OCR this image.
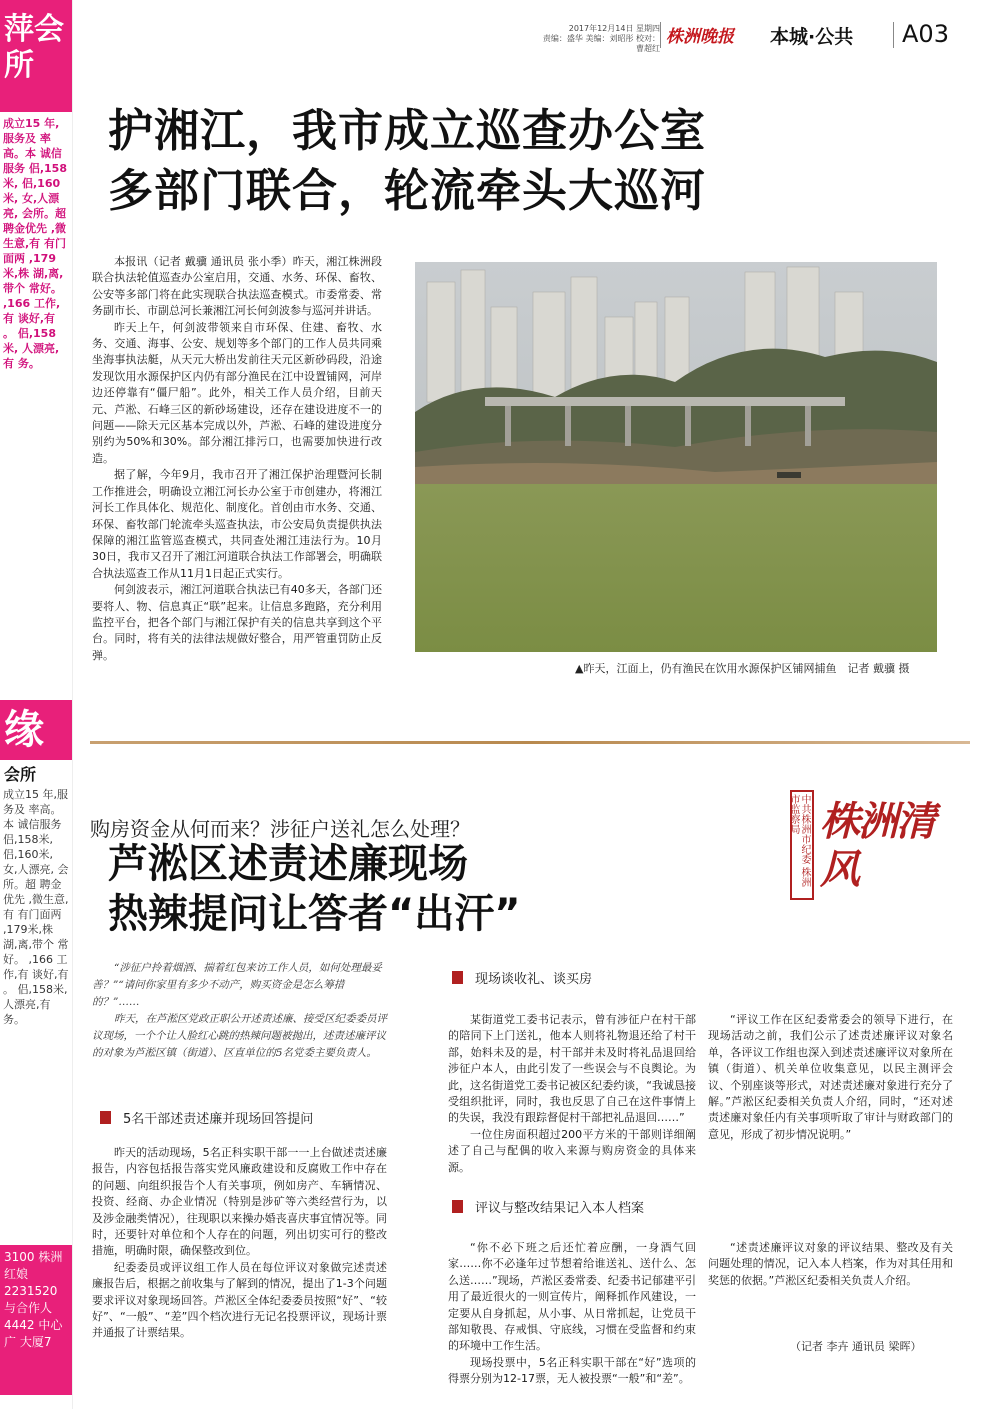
萍会所
成立15 年,服务及 率高。本 诚信服务 侣,158米, 侣,160米, 女,人漂亮, 会所。超 聘金优先 ,微生意,有 有门面两 ,179米,株 湖,离,带个 常好。 ,166 工作,有 谈好,有 。 侣,158米, 人漂亮,有 务。
缘
会所
成立15 年,服务及 率高。本 诚信服务 侣,158米, 侣,160米, 女,人漂亮, 会所。超 聘金优先 ,微生意,有 有门面两 ,179米,株 湖,离,带个 常好。 ,166 工作,有 谈好,有 。 侣,158米, 人漂亮,有 务。
3100 株洲红娘 2231520 与合作人 4442 中心广 大厦7
2017年12月14日 星期四
责编：盛华 美编：刘昭彤 校对：曹超红
株洲晚报 本城·公共 A03
护湘江，我市成立巡查办公室
多部门联合，轮流牵头大巡河

本报讯（记者 戴骥 通讯员 张小季）昨天，湘江株洲段联合执法轮值巡查办公室启用，交通、水务、环保、畜牧、公安等多部门将在此实现联合执法巡查模式。市委常委、常务副市长、市副总河长兼湘江河长何剑波参与巡河并讲话。

昨天上午，何剑波带领来自市环保、住建、畜牧、水务、交通、海事、公安、规划等多个部门的工作人员共同乘坐海事执法艇，从天元大桥出发前往天元区新砂码段，沿途发现饮用水源保护区内仍有部分渔民在江中设置铺网，河岸边还停靠有“僵尸船”。此外，相关工作人员介绍，目前天元、芦淞、石峰三区的新砂场建设，还存在建设进度不一的问题——除天元区基本完成以外，芦淞、石峰的建设进度分别约为50%和30%。部分湘江排污口，也需要加快进行改造。

据了解，今年9月，我市召开了湘江保护治理暨河长制工作推进会，明确设立湘江河长办公室于市创建办，将湘江河长工作具体化、规范化、制度化。首创由市水务、交通、环保、畜牧部门轮流牵头巡查执法，市公安局负责提供执法保障的湘江监管巡查模式，共同查处湘江违法行为。10月30日，我市又召开了湘江河道联合执法工作部署会，明确联合执法巡查工作从11月1日起正式实行。

何剑波表示，湘江河道联合执法已有40多天，各部门还要将人、物、信息真正“联”起来。让信息多跑路，充分利用监控平台，把各个部门与湘江保护有关的信息共享到这个平台。同时，将有关的法律法规做好整合，用严管重罚防止反弹。

▲昨天，江面上，仍有渔民在饮用水源保护区铺网捕鱼　记者 戴骥 摄
购房资金从何而来？涉征户送礼怎么处理？
芦淞区述责述廉现场
热辣提问让答者“出汗”
中共株洲市纪委 株洲市监察局 株洲清风

“涉征户拎着烟酒、揣着红包来访工作人员，如何处理最妥善？”“请问你家里有多少不动产，购买资金是怎么筹措的？”……

昨天，在芦淞区党政正职公开述责述廉、接受区纪委委员评议现场，一个个让人脸红心跳的热辣问题被抛出，述责述廉评议的对象为芦淞区镇（街道）、区直单位的5名党委主要负责人。

5名干部述责述廉并现场回答提问

昨天的活动现场，5名正科实职干部一一上台做述责述廉报告，内容包括报告落实党风廉政建设和反腐败工作中存在的问题、向组织报告个人有关事项，例如房产、车辆情况、投资、经商、办企业情况（特别是涉矿等六类经营行为，以及涉金融类情况），往现职以来操办婚丧喜庆事宜情况等。同时，还要针对单位和个人存在的问题，列出切实可行的整改措施，明确时限，确保整改到位。

纪委委员或评议组工作人员在每位评议对象做完述责述廉报告后，根据之前收集与了解到的情况，提出了1-3个问题要求评议对象现场回答。芦淞区全体纪委委员按照“好”、“较好”、“一般”、“差”四个档次进行无记名投票评议，现场计票并通报了计票结果。

现场谈收礼、谈买房

某街道党工委书记表示，曾有涉征户在村干部的陪同下上门送礼，他本人则将礼物退还给了村干部，始料未及的是，村干部并未及时将礼品退回给涉征户本人，由此引发了一些误会与不良舆论。为此，这名街道党工委书记被区纪委约谈，“我诚恳接受组织批评，同时，我也反思了自己在这件事情上的失误，我没有跟踪督促村干部把礼品退回……”

一位住房面积超过200平方米的干部则详细阐述了自己与配偶的收入来源与购房资金的具体来源。

“评议工作在区纪委常委会的领导下进行，在现场活动之前，我们公示了述责述廉评议对象名单，各评议工作组也深入到述责述廉评议对象所在镇（街道）、机关单位收集意见，以民主测评会议、个别座谈等形式，对述责述廉对象进行充分了解。”芦淞区纪委相关负责人介绍，同时，“还对述责述廉对象任内有关事项听取了审计与财政部门的意见，形成了初步情况说明。”

评议与整改结果记入本人档案

“你不必下班之后还忙着应酬，一身酒气回家……你不必逢年过节想着给谁送礼、送什么、怎么送……”现场，芦淞区委常委、纪委书记郁建平引用了最近很火的一则宣传片，阐释抓作风建设，一定要从自身抓起，从小事、从日常抓起，让党员干部知敬畏、存戒惧、守底线，习惯在受监督和约束的环境中工作生活。

现场投票中，5名正科实职干部在“好”选项的得票分别为12-17票，无人被投票“一般”和“差”。

“述责述廉评议对象的评议结果、整改及有关问题处理的情况，记入本人档案，作为对其任用和奖惩的依据。”芦淞区纪委相关负责人介绍。

（记者 李卉 通讯员 梁晖）
